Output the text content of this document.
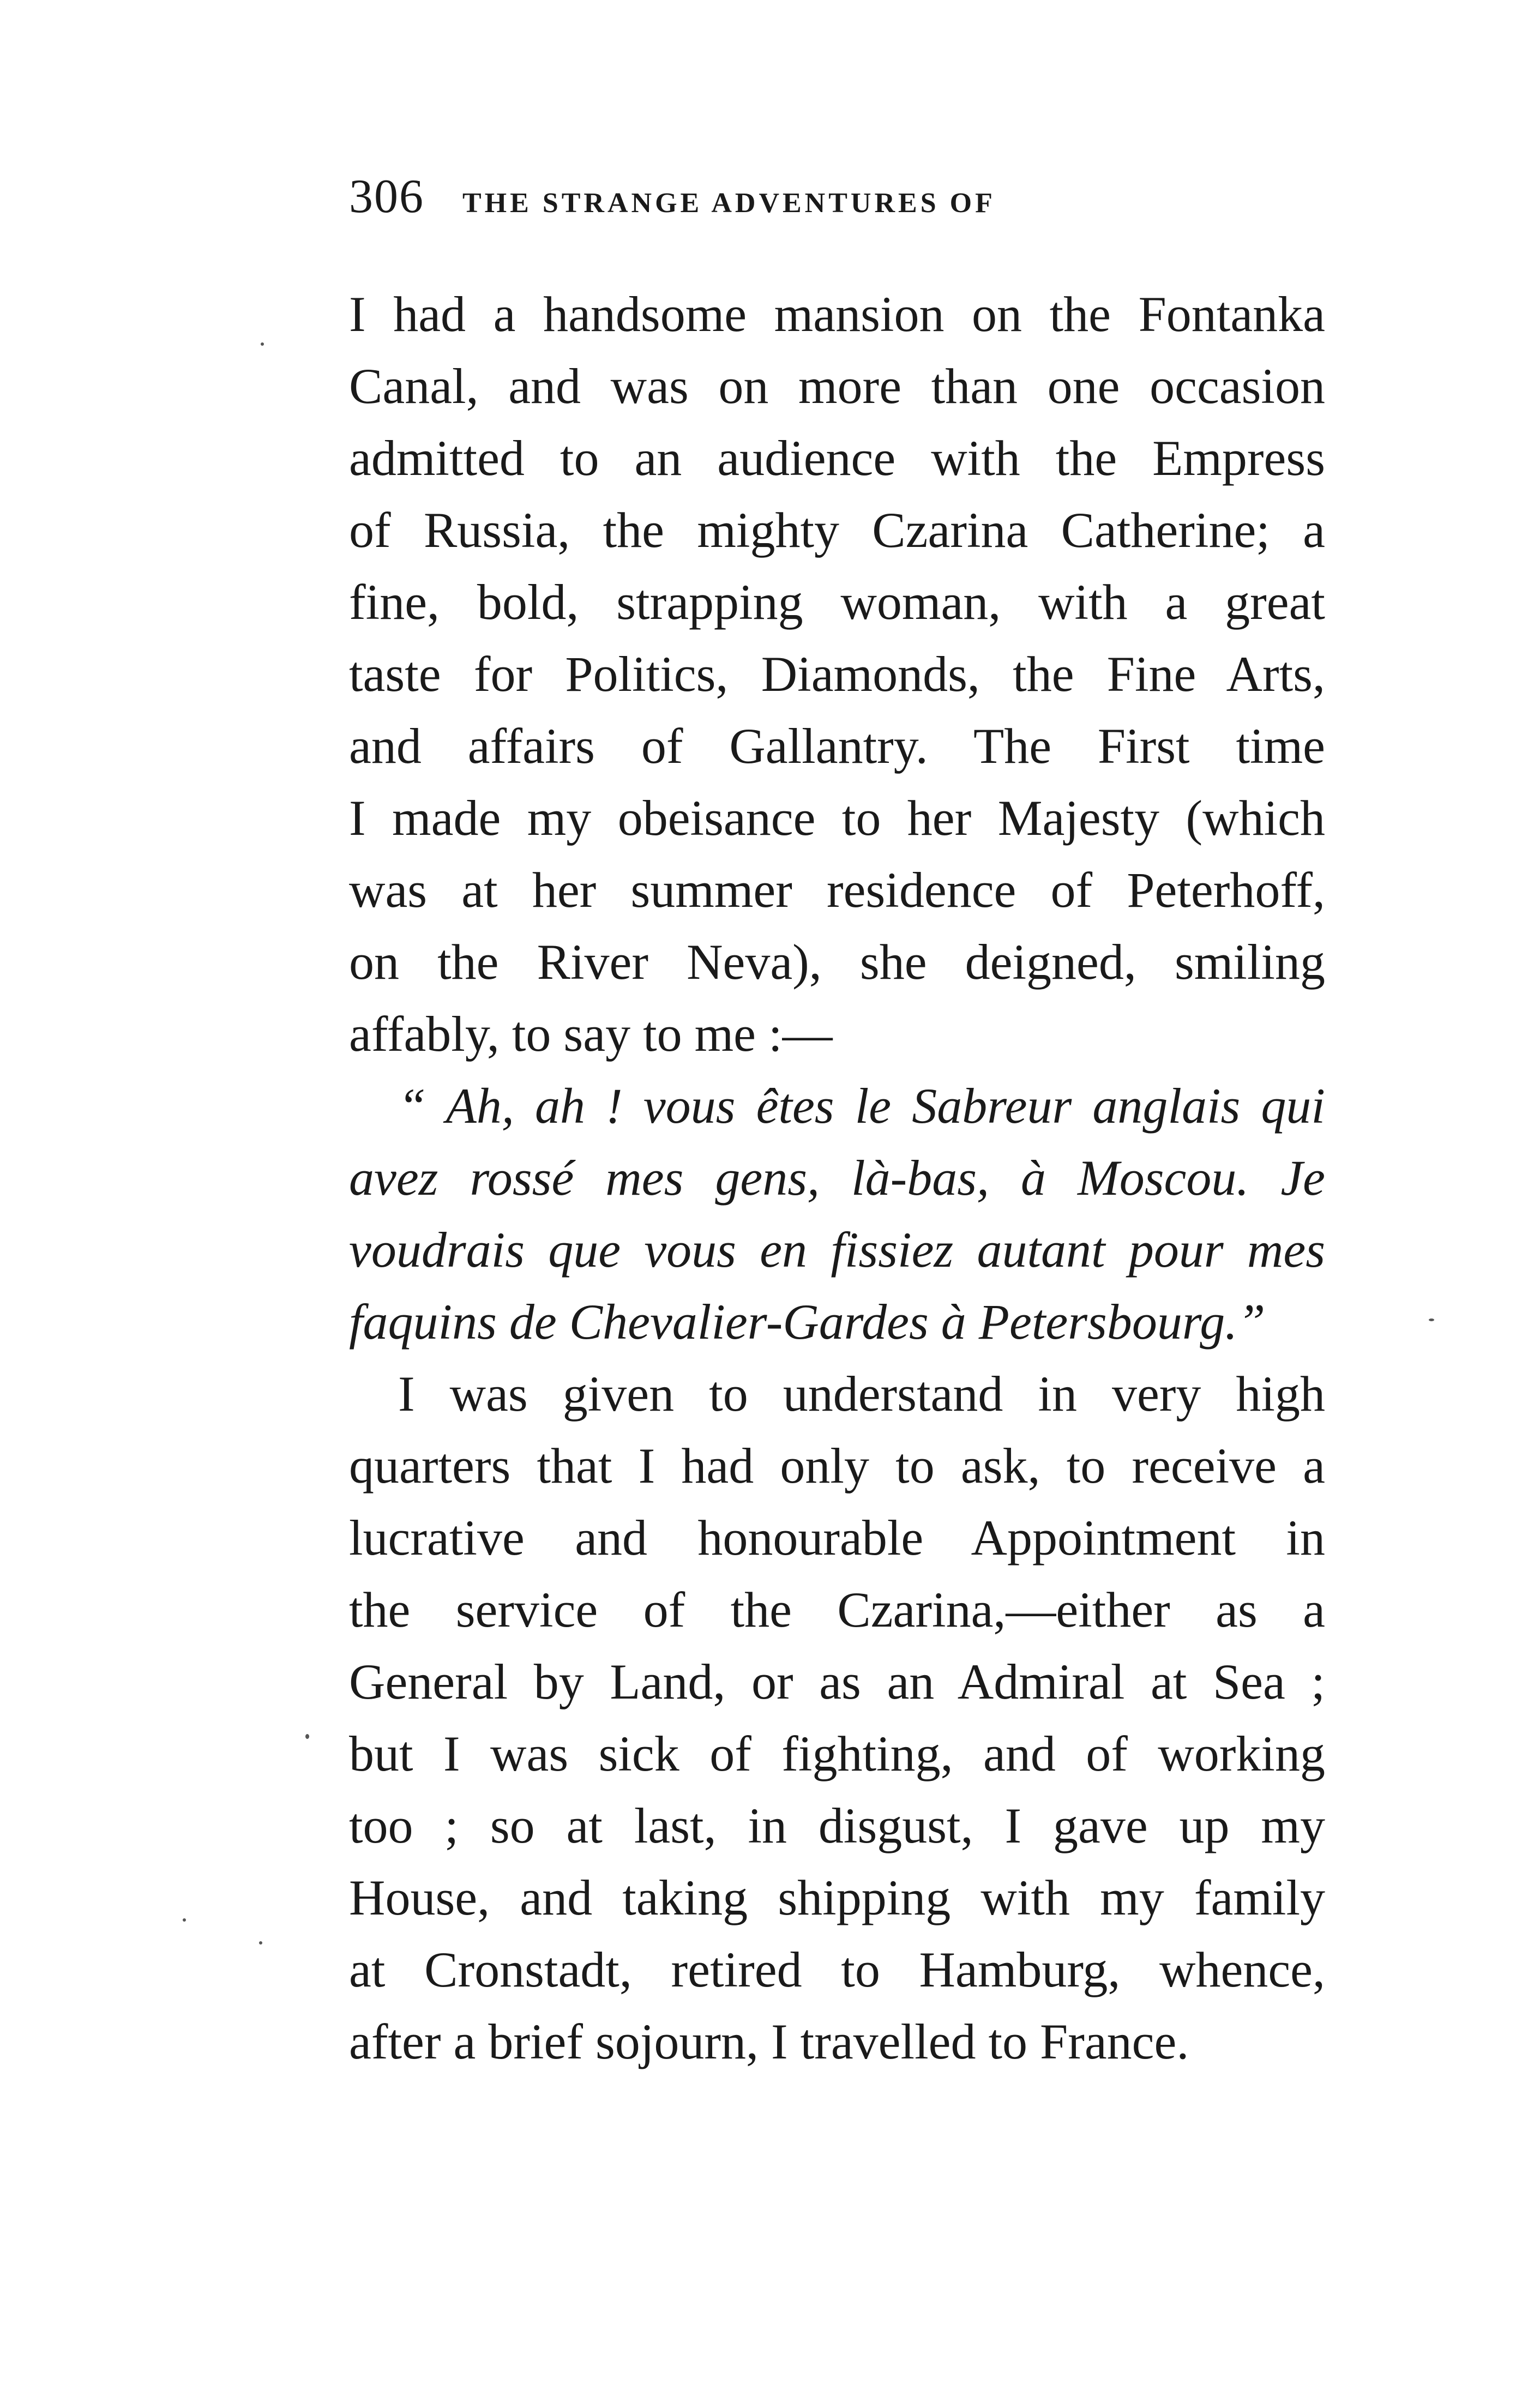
306 THE STRANGE ADVENTURES OF
I had a handsome mansion on the Fontanka
Canal, and was on more than one occasion
admitted to an audience with the Empress
of Russia, the mighty Czarina Catherine; a
fine, bold, strapping woman, with a great
taste for Politics, Diamonds, the Fine Arts,
and affairs of Gallantry. The First time
I made my obeisance to her Majesty (which
was at her summer residence of Peterhoff,
on the River Neva), she deigned, smiling
affably, to say to me :—
“ Ah, ah ! vous êtes le Sabreur anglais qui
avez rossé mes gens, là-bas, à Moscou. Je
voudrais que vous en fissiez autant pour mes
faquins de Chevalier-Gardes à Petersbourg.”
I was given to understand in very high
quarters that I had only to ask, to receive a
lucrative and honourable Appointment in
the service of the Czarina,—either as a
General by Land, or as an Admiral at Sea ;
but I was sick of fighting, and of working
too ; so at last, in disgust, I gave up my
House, and taking shipping with my family
at Cronstadt, retired to Hamburg, whence,
after a brief sojourn, I travelled to France.
